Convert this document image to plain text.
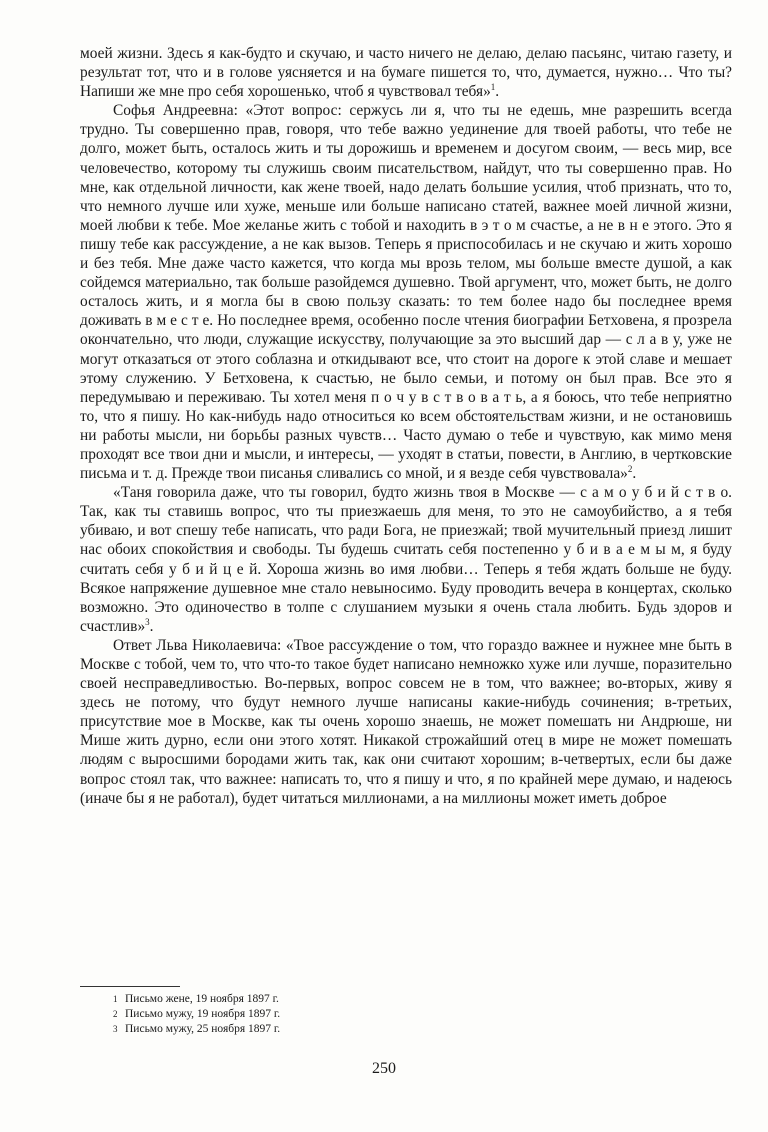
моей жизни. Здесь я как-будто и скучаю, и часто ничего не делаю, делаю пасьянс, читаю газету, и результат тот, что и в голове уясняется и на бумаге пишется то, что, думается, нужно… Что ты? Напиши же мне про себя хорошенько, чтоб я чувствовал тебя»$^1$.

Софья Андреевна: «Этот вопрос: сержусь ли я, что ты не едешь, мне разрешить всегда трудно. Ты совершенно прав, говоря, что тебе важно уединение для твоей работы, что тебе не долго, может быть, осталось жить и ты дорожишь и временем и досугом своим, — весь мир, все человечество, которому ты служишь своим писательством, найдут, что ты совершенно прав. Но мне, как отдельной личности, как жене твоей, надо делать большие усилия, чтоб признать, что то, что немного лучше или хуже, меньше или больше написано статей, важнее моей личной жизни, моей любви к тебе. Мое желанье жить с тобой и находить в э т о м счастье, а не в н е этого. Это я пишу тебе как рассуждение, а не как вызов. Теперь я приспособилась и не скучаю и жить хорошо и без тебя. Мне даже часто кажется, что когда мы врозь телом, мы больше вместе душой, а как сойдемся материально, так больше разойдемся душевно. Твой аргумент, что, может быть, не долго осталось жить, и я могла бы в свою пользу сказать: то тем более надо бы последнее время доживать в м е с т е. Но последнее время, особенно после чтения биографии Бетховена, я прозрела окончательно, что люди, служащие искусству, получающие за это высший дар — с л а в у, уже не могут отказаться от этого соблазна и откидывают все, что стоит на дороге к этой славе и мешает этому служению. У Бетховена, к счастью, не было семьи, и потому он был прав. Все это я передумываю и переживаю. Ты хотел меня п о ч у в с т в о в а т ь, а я боюсь, что тебе неприятно то, что я пишу. Но как-нибудь надо относиться ко всем обстоятельствам жизни, и не остановишь ни работы мысли, ни борьбы разных чувств… Часто думаю о тебе и чувствую, как мимо меня проходят все твои дни и мысли, и интересы, — уходят в статьи, повести, в Англию, в чертковские письма и т. д. Прежде твои писанья сливались со мной, и я везде себя чувствовала»$^2$.

«Таня говорила даже, что ты говорил, будто жизнь твоя в Москве — с а м о у б и й с т в о. Так, как ты ставишь вопрос, что ты приезжаешь для меня, то это не самоубийство, а я тебя убиваю, и вот спешу тебе написать, что ради Бога, не приезжай; твой мучительный приезд лишит нас обоих спокойствия и свободы. Ты будешь считать себя постепенно у б и в а е м ы м, я буду считать себя у б и й ц е й. Хороша жизнь во имя любви… Теперь я тебя ждать больше не буду. Всякое напряжение душевное мне стало невыносимо. Буду проводить вечера в концертах, сколько возможно. Это одиночество в толпе с слушанием музыки я очень стала любить. Будь здоров и счастлив»$^3$.

Ответ Льва Николаевича: «Твое рассуждение о том, что гораздо важнее и нужнее мне быть в Москве с тобой, чем то, что что-то такое будет написано немножко хуже или лучше, поразительно своей несправедливостью. Во-первых, вопрос совсем не в том, что важнее; во-вторых, живу я здесь не потому, что будут немного лучше написаны какие-нибудь сочинения; в-третьих, присутствие мое в Москве, как ты очень хорошо знаешь, не может помешать ни Андрюше, ни Мише жить дурно, если они этого хотят. Никакой строжайший отец в мире не может помешать людям с выросшими бородами жить так, как они считают хорошим; в-четвертых, если бы даже вопрос стоял так, что важнее: написать то, что я пишу и что, я по крайней мере думаю, и надеюсь (иначе бы я не работал), будет читаться миллионами, а на миллионы может иметь доброе

1 Письмо жене, 19 ноября 1897 г.

2 Письмо мужу, 19 ноября 1897 г.

3 Письмо мужу, 25 ноября 1897 г.

250
